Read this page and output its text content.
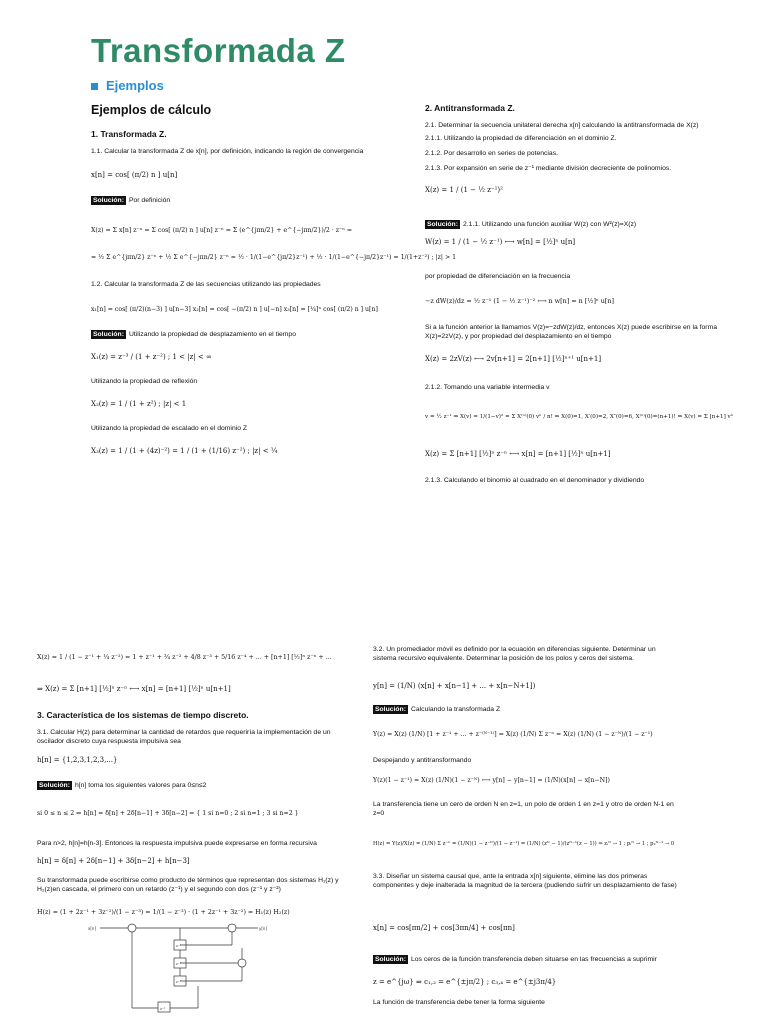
Transformada Z
Ejemplos
Ejemplos de cálculo
1. Transformada Z.
1.1. Calcular la transformada Z de x[n], por definición, indicando la región de convergencia
x[n] = cos[ (π/2) n ] u[n]
Solución: Por definición
X(z) = Σ x[n] z⁻ⁿ = Σ cos[ (π/2) n ] u[n] z⁻ⁿ = Σ (e^{jπn/2} + e^{−jπn/2})/2 · z⁻ⁿ =
= ½ Σ e^{jπn/2} z⁻ⁿ + ½ Σ e^{−jπn/2} z⁻ⁿ = ½ · 1/(1−e^{jπ/2}z⁻¹) + ½ · 1/(1−e^{−jπ/2}z⁻¹) = 1/(1+z⁻²) ; |z| > 1
1.2. Calcular la transformada Z de las secuencias utilizando las propiedades
x₁[n] = cos[ (π/2)(n−3) ] u[n−3] x₂[n] = cos[ −(π/2) n ] u[−n] x₃[n] = [¼]ⁿ cos[ (π/2) n ] u[n]
Solución: Utilizando la propiedad de desplazamiento en el tiempo
X₁(z) = z⁻³ / (1 + z⁻²) ; 1 < |z| < ∞
Utilizando la propiedad de reflexión
X₂(z) = 1 / (1 + z²) ; |z| < 1
Utilizando la propiedad de escalado en el dominio Z
X₃(z) = 1 / (1 + (4z)⁻²) = 1 / (1 + (1/16) z⁻²) ; |z| < ¼
2. Antitransformada Z.
2.1. Determinar la secuencia unilateral derecha x[n] calculando la antitransformada de X(z)
2.1.1. Utilizando la propiedad de diferenciación en el dominio Z.
2.1.2. Por desarrollo en series de potencias.
2.1.3. Por expansión en serie de z⁻¹ mediante división decreciente de polinomios.
X(z) = 1 / (1 − ½ z⁻¹)²
Solución: 2.1.1. Utilizando una función auxiliar W(z) con W²(z)=X(z)
W(z) = 1 / (1 − ½ z⁻¹) ⟷ w[n] = [½]ⁿ u[n]
por propiedad de diferenciación en la frecuencia
−z dW(z)/dz = ½ z⁻¹ (1 − ½ z⁻¹)⁻² ⟷ n w[n] = n [½]ⁿ u[n]
Si a la función anterior la llamamos V(z)=−zdW(z)/dz, entonces X(z) puede escribirse en la forma X(z)=2zV(z), y por propiedad del desplazamiento en el tiempo
X(z) = 2zV(z) ⟷ 2v[n+1] = 2[n+1] [½]ⁿ⁺¹ u[n+1]
2.1.2. Tomando una variable intermedia v
v = ½ z⁻¹ ⇒ X(v) = 1/(1−v)² = Σ X⁽ⁿ⁾(0) vⁿ / n! ⇒ X(0)=1, X′(0)=2, X″(0)=6, X⁽ⁿ⁾(0)=(n+1)! ⇒ X(v) = Σ [n+1] vⁿ
X(z) = Σ [n+1] [½]ⁿ z⁻ⁿ ⟷ x[n] = [n+1] [½]ⁿ u[n+1]
2.1.3. Calculando el binomio al cuadrado en el denominador y dividiendo
X(z) = 1 / (1 − z⁻¹ + ¼ z⁻²) = 1 + z⁻¹ + ¾ z⁻² + 4/8 z⁻³ + 5/16 z⁻⁴ + ... + [n+1] [½]ⁿ z⁻ⁿ + ...
⇒ X(z) = Σ [n+1] [½]ⁿ z⁻ⁿ ⟷ x[n] = [n+1] [½]ⁿ u[n+1]
3. Característica de los sistemas de tiempo discreto.
3.1. Calcular H(z) para determinar la cantidad de retardos que requeriría la implementación de un oscilador discreto cuya respuesta impulsiva sea
h[n] = {1,2,3,1,2,3,...}
Solución: h[n] toma los siguientes valores para 0≤n≤2
si 0 ≤ n ≤ 2 ⇒ h[n] = δ[n] + 2δ[n−1] + 3δ[n−2] = { 1 si n=0 ; 2 si n=1 ; 3 si n=2 }
Para n>2, h[n]=h[n-3]. Entonces la respuesta impulsiva puede expresarse en forma recursiva
h[n] = δ[n] + 2δ[n−1] + 3δ[n−2] + h[n−3]
Su transformada puede escribirse como producto de términos que representan dos sistemas H₁(z) y H₂(z)en cascada, el primero con un retardo (z⁻¹) y el segundo con dos (z⁻¹ y z⁻²)
H(z) = (1 + 2z⁻¹ + 3z⁻²)/(1 − z⁻³) = 1/(1 − z⁻³) · (1 + 2z⁻¹ + 3z⁻²) = H₁(z) H₂(z)
x[n]	y[n]
z⁻¹
z⁻¹
z⁻¹
z⁻¹
3.2. Un promediador móvil es definido por la ecuación en diferencias siguiente. Determinar un sistema recursivo equivalente. Determinar la posición de los polos y ceros del sistema.
y[n] = (1/N) (x[n] + x[n−1] + ... + x[n−N+1])
Solución: Calculando la transformada Z
Y(z) = X(z) (1/N) [1 + z⁻¹ + ... + z⁻⁽ᴺ⁻¹⁾] = X(z) (1/N) Σ z⁻ⁿ = X(z) (1/N) (1 − z⁻ᴺ)/(1 − z⁻¹)
Despejando y antitransformando
Y(z)(1 − z⁻¹) = X(z) (1/N)(1 − z⁻ᴺ) ⟷ y[n] − y[n−1] = (1/N)(x[n] − x[n−N])
La transferencia tiene un cero de orden N en z=1, un polo de orden 1 en z=1 y otro de orden N-1 en z=0
H(z) = Y(z)/X(z) = (1/N) Σ z⁻ⁿ = (1/N)(1 − z⁻ᴺ)/(1 − z⁻¹) = (1/N) (zᴺ − 1)/(zᴺ⁻¹(z − 1)) ⇒ zᵢᴺ → 1 ; pᵢᴺ → 1 ; p₂ᴺ⁻¹ → 0
3.3. Diseñar un sistema causal que, ante la entrada x[n] siguiente, elimine las dos primeras componentes y deje inalterada la magnitud de la tercera (pudiendo sufrir un desplazamiento de fase)
x[n] = cos[πn/2] + cos[3πn/4] + cos[πn]
Solución: Los ceros de la función transferencia deben situarse en las frecuencias a suprimir
z = e^{jω} ⇒ c₁,₂ = e^{±jπ/2} ; c₃,₄ = e^{±j3π/4}
La función de transferencia debe tener la forma siguiente
